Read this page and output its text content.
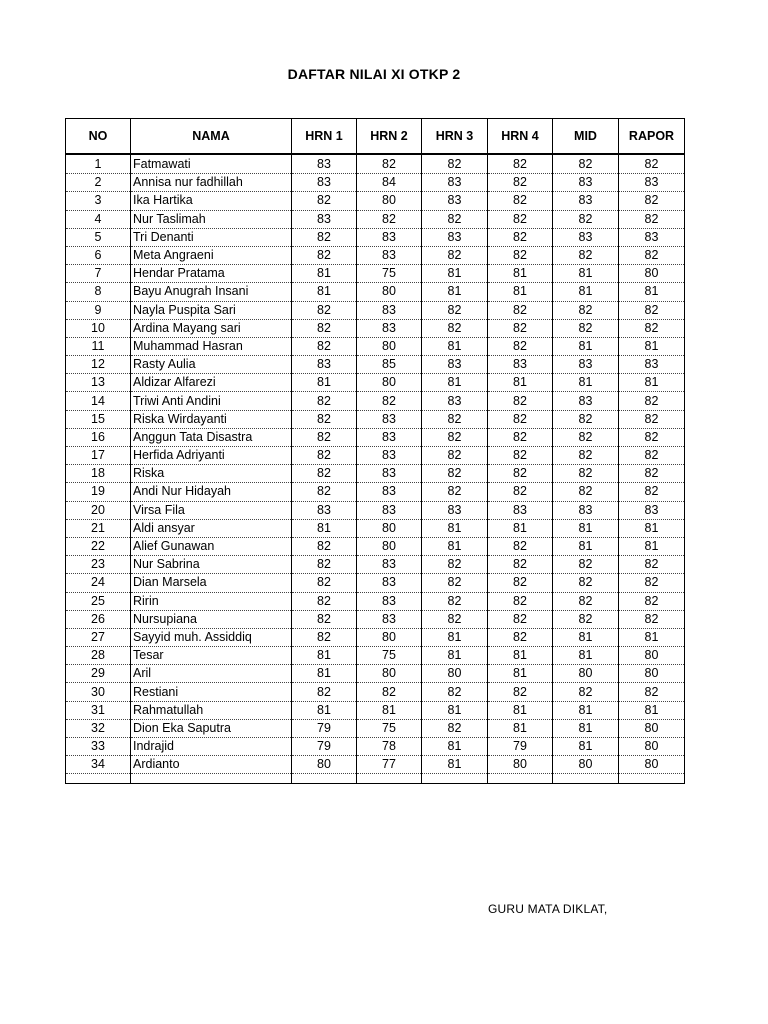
DAFTAR NILAI XI OTKP 2
NO	NAMA	HRN 1	HRN 2	HRN 3	HRN 4	MID	RAPOR
1	Fatmawati	83	82	82	82	82	82
2	Annisa nur fadhillah	83	84	83	82	83	83
3	Ika Hartika	82	80	83	82	83	82
4	Nur Taslimah	83	82	82	82	82	82
5	Tri Denanti	82	83	83	82	83	83
6	Meta Angraeni	82	83	82	82	82	82
7	Hendar Pratama	81	75	81	81	81	80
8	Bayu Anugrah Insani	81	80	81	81	81	81
9	Nayla Puspita Sari	82	83	82	82	82	82
10	Ardina Mayang sari	82	83	82	82	82	82
11	Muhammad Hasran	82	80	81	82	81	81
12	Rasty Aulia	83	85	83	83	83	83
13	Aldizar Alfarezi	81	80	81	81	81	81
14	Triwi Anti Andini	82	82	83	82	83	82
15	Riska Wirdayanti	82	83	82	82	82	82
16	Anggun Tata Disastra	82	83	82	82	82	82
17	Herfida Adriyanti	82	83	82	82	82	82
18	Riska	82	83	82	82	82	82
19	Andi Nur Hidayah	82	83	82	82	82	82
20	Virsa Fila	83	83	83	83	83	83
21	Aldi ansyar	81	80	81	81	81	81
22	Alief Gunawan	82	80	81	82	81	81
23	Nur Sabrina	82	83	82	82	82	82
24	Dian Marsela	82	83	82	82	82	82
25	Ririn	82	83	82	82	82	82
26	Nursupiana	82	83	82	82	82	82
27	Sayyid muh. Assiddiq	82	80	81	82	81	81
28	Tesar	81	75	81	81	81	80
29	Aril	81	80	80	81	80	80
30	Restiani	82	82	82	82	82	82
31	Rahmatullah	81	81	81	81	81	81
32	Dion Eka Saputra	79	75	82	81	81	80
33	Indrajid	79	78	81	79	81	80
34	Ardianto	80	77	81	80	80	80

GURU MATA DIKLAT,
